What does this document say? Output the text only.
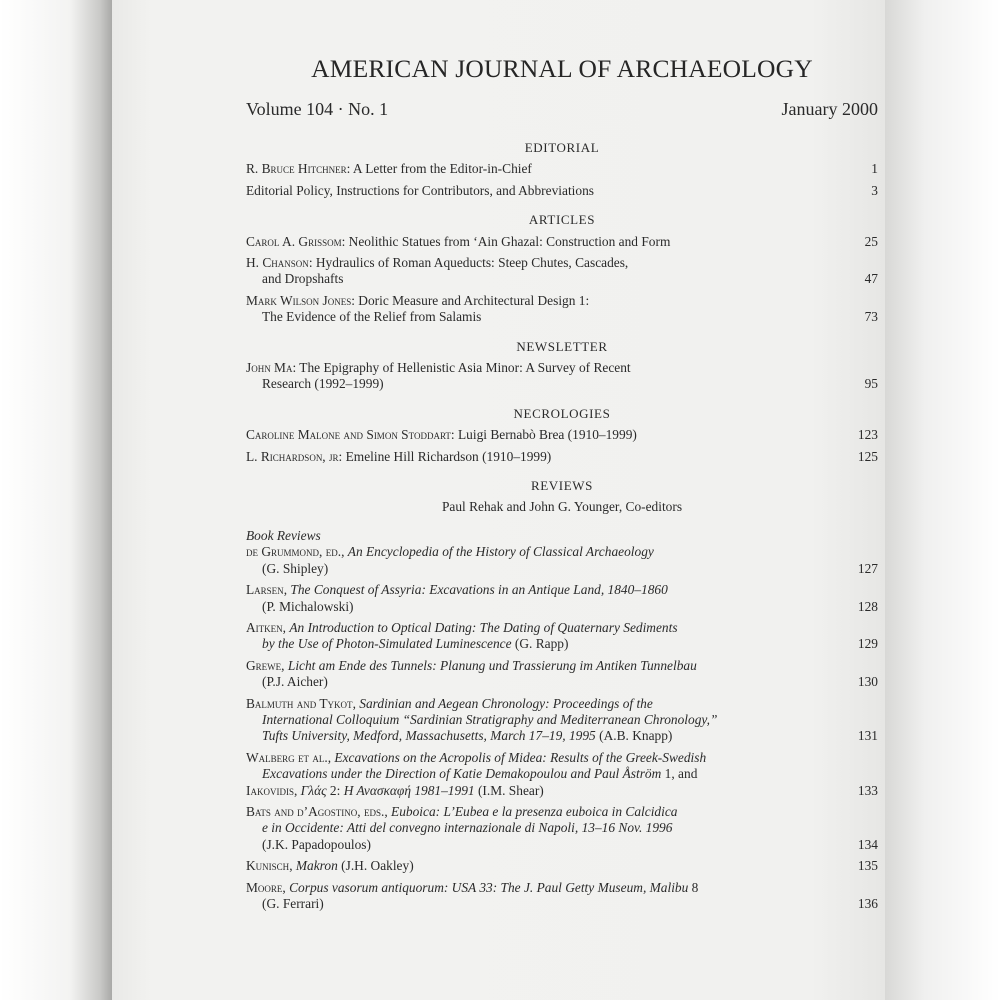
AMERICAN JOURNAL OF ARCHAEOLOGY
Volume 104 · No. 1	January 2000
EDITORIAL
R. Bruce Hitchner: A Letter from the Editor-in-Chief	1
Editorial Policy, Instructions for Contributors, and Abbreviations	3
ARTICLES
Carol A. Grissom: Neolithic Statues from ‘Ain Ghazal: Construction and Form	25
H. Chanson: Hydraulics of Roman Aqueducts: Steep Chutes, Cascades,
and Dropshafts	47
Mark Wilson Jones: Doric Measure and Architectural Design 1:
The Evidence of the Relief from Salamis	73
NEWSLETTER
John Ma: The Epigraphy of Hellenistic Asia Minor: A Survey of Recent
Research (1992–1999)	95
NECROLOGIES
Caroline Malone and Simon Stoddart: Luigi Bernabò Brea (1910–1999)	123
L. Richardson, jr: Emeline Hill Richardson (1910–1999)	125
REVIEWS
Paul Rehak and John G. Younger, Co-editors
Book Reviews
de Grummond, ed., An Encyclopedia of the History of Classical Archaeology
(G. Shipley)	127
Larsen, The Conquest of Assyria: Excavations in an Antique Land, 1840–1860
(P. Michalowski)	128
Aitken, An Introduction to Optical Dating: The Dating of Quaternary Sediments
by the Use of Photon-Simulated Luminescence (G. Rapp)	129
Grewe, Licht am Ende des Tunnels: Planung und Trassierung im Antiken Tunnelbau
(P.J. Aicher)	130
Balmuth and Tykot, Sardinian and Aegean Chronology: Proceedings of the
International Colloquium “Sardinian Stratigraphy and Mediterranean Chronology,”
Tufts University, Medford, Massachusetts, March 17–19, 1995 (A.B. Knapp)	131
Walberg et al., Excavations on the Acropolis of Midea: Results of the Greek-Swedish
Excavations under the Direction of Katie Demakopoulou and Paul Åström 1, and
Iakovidis, Γλάς 2: Η Ανασκαφή 1981–1991 (I.M. Shear)	133
Bats and d’Agostino, eds., Euboica: L’Eubea e la presenza euboica in Calcidica
e in Occidente: Atti del convegno internazionale di Napoli, 13–16 Nov. 1996
(J.K. Papadopoulos)	134
Kunisch, Makron (J.H. Oakley)	135
Moore, Corpus vasorum antiquorum: USA 33: The J. Paul Getty Museum, Malibu 8
(G. Ferrari)	136
